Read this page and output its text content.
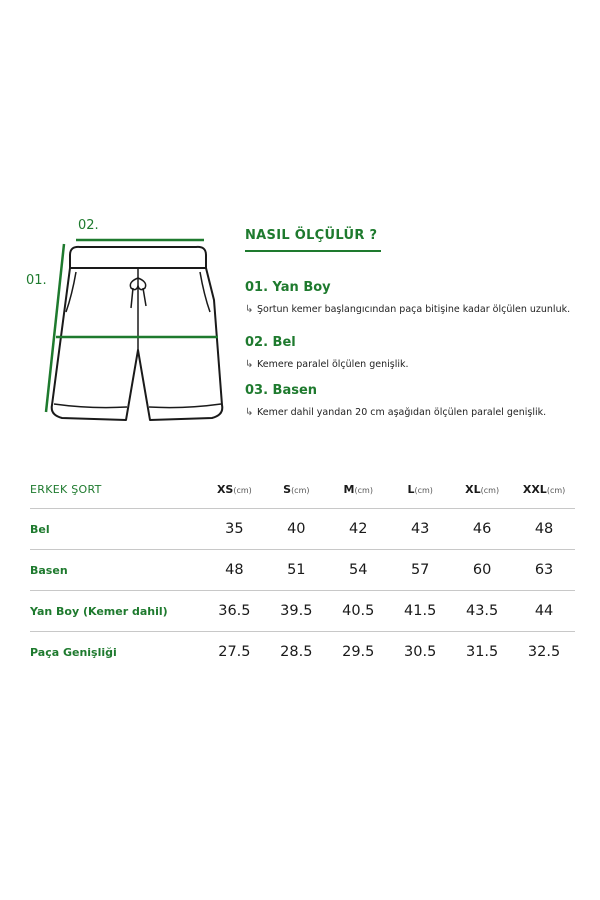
02.
01.
NASIL ÖLÇÜLÜR ?
01. Yan Boy
↳ Şortun kemer başlangıcından paça bitişine kadar ölçülen uzunluk.
02. Bel
↳ Kemere paralel ölçülen genişlik.
03. Basen
↳ Kemer dahil yandan 20 cm aşağıdan ölçülen paralel genişlik.
ERKEK ŞORT	XS(cm)	S(cm)	M(cm)	L(cm)	XL(cm)	XXL(cm)
Bel	35	40	42	43	46	48
Basen	48	51	54	57	60	63
Yan Boy (Kemer dahil)	36.5	39.5	40.5	41.5	43.5	44
Paça Genişliği	27.5	28.5	29.5	30.5	31.5	32.5
